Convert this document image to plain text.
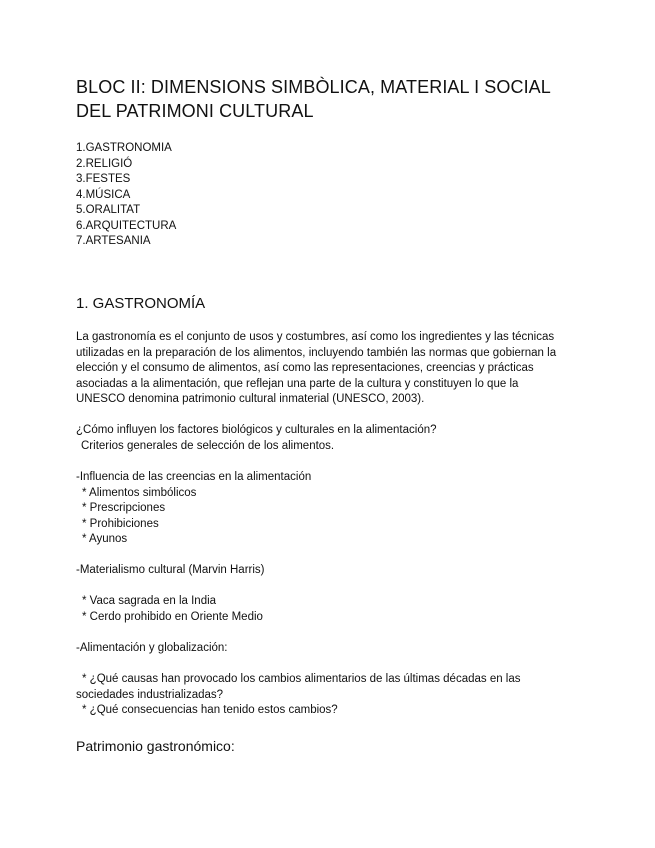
BLOC II: DIMENSIONS SIMBÒLICA, MATERIAL I SOCIAL
DEL PATRIMONI CULTURAL
1.GASTRONOMIA
2.RELIGIÓ
3.FESTES
4.MÚSICA
5.ORALITAT
6.ARQUITECTURA
7.ARTESANIA
1. GASTRONOMÍA
La gastronomía es el conjunto de usos y costumbres, así como los ingredientes y las técnicas
utilizadas en la preparación de los alimentos, incluyendo también las normas que gobiernan la
elección y el consumo de alimentos, así como las representaciones, creencias y prácticas
asociadas a la alimentación, que reflejan una parte de la cultura y constituyen lo que la
UNESCO denomina patrimonio cultural inmaterial (UNESCO, 2003).
¿Cómo influyen los factores biológicos y culturales en la alimentación?
Criterios generales de selección de los alimentos.
-Influencia de las creencias en la alimentación
* Alimentos simbólicos
* Prescripciones
* Prohibiciones
* Ayunos
-Materialismo cultural (Marvin Harris)
* Vaca sagrada en la India
* Cerdo prohibido en Oriente Medio
-Alimentación y globalización:
* ¿Qué causas han provocado los cambios alimentarios de las últimas décadas en las
sociedades industrializadas?
* ¿Qué consecuencias han tenido estos cambios?
Patrimonio gastronómico:
